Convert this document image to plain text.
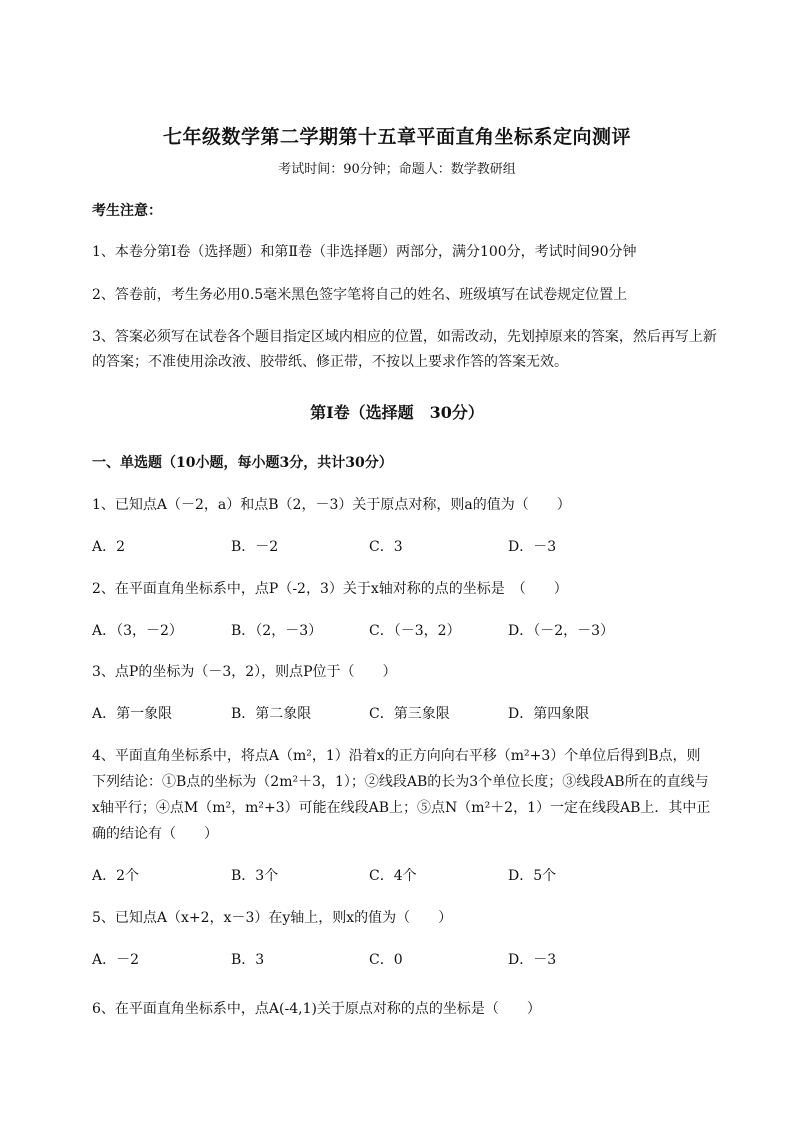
七年级数学第二学期第十五章平面直角坐标系定向测评
考试时间：90分钟；命题人：数学教研组
考生注意：
1、本卷分第I卷（选择题）和第Ⅱ卷（非选择题）两部分，满分100分，考试时间90分钟
2、答卷前，考生务必用0.5毫米黑色签字笔将自己的姓名、班级填写在试卷规定位置上
3、答案必须写在试卷各个题目指定区域内相应的位置，如需改动，先划掉原来的答案，然后再写上新
的答案；不准使用涂改液、胶带纸、修正带，不按以上要求作答的答案无效。
第I卷（选择题　30分）
一、单选题（10小题，每小题3分，共计30分）
1、已知点A（－2，a）和点B（2，－3）关于原点对称，则a的值为（　　）
A．2	B．－2	C．3	D．－3
2、在平面直角坐标系中，点P（-2，3）关于x轴对称的点的坐标是　（　　）
A．（3，－2）	B．（2，－3）	C．（－3，2）	D．（－2，－3）
3、点P的坐标为（－3，2），则点P位于（　　）
A．第一象限	B．第二象限	C．第三象限	D．第四象限
4、平面直角坐标系中，将点A（m²，1）沿着x的正方向向右平移（m²+3）个单位后得到B点，则
下列结论：①B点的坐标为（2m²＋3，1）；②线段AB的长为3个单位长度；③线段AB所在的直线与
x轴平行；④点M（m²，m²+3）可能在线段AB上；⑤点N（m²＋2，1）一定在线段AB上．其中正
确的结论有（　　）
A．2个	B．3个	C．4个	D．5个
5、已知点A（x+2，x－3）在y轴上，则x的值为（　　）
A．－2	B．3	C．0	D．－3
6、在平面直角坐标系中，点A(-4,1)关于原点对称的点的坐标是（　　）
